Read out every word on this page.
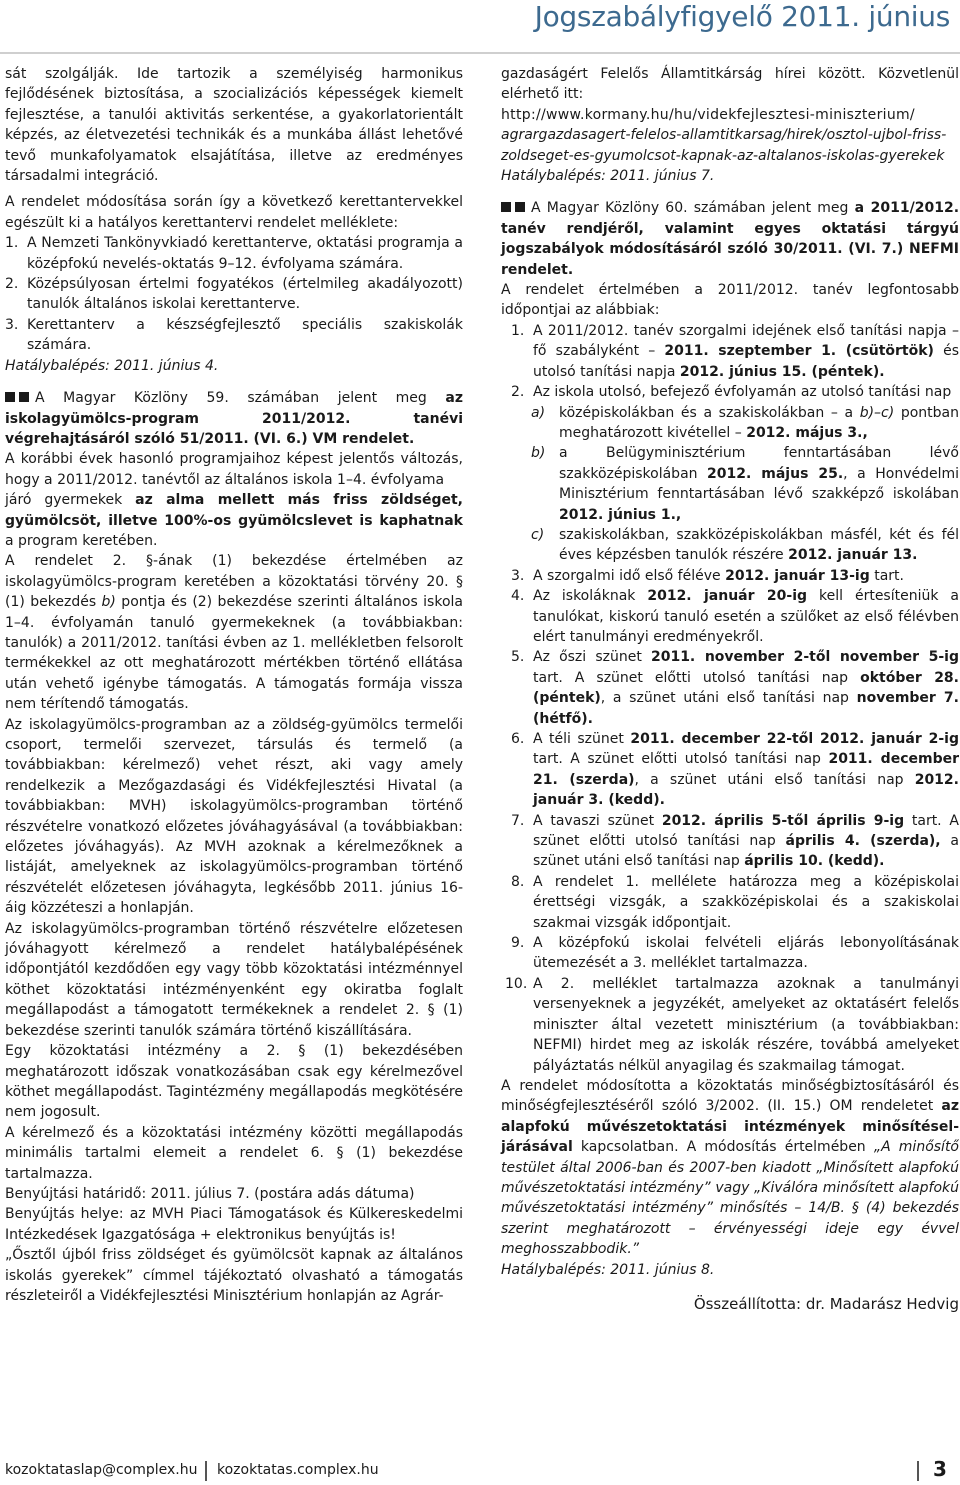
Jogszabályfigyelő 2011. június

sát szolgálják. Ide tartozik a személyiség harmonikus fejlődésének biztosítása, a szocializációs képességek kiemelt fejlesztése, a tanulói aktivitás serkentése, a gyakorlatorientált képzés, az életvezetési technikák és a munkába állást lehetővé tevő munkafolyamatok elsajátítása, illetve az eredményes társadalmi integráció.

A rendelet módosítása során így a következő kerettantervekkel egészült ki a hatályos kerettantervi rendelet melléklete:

1. A Nemzeti Tankönyvkiadó kerettanterve, oktatási programja a középfokú nevelés-oktatás 9–12. évfolyama számára.
2. Középsúlyosan értelmi fogyatékos (értelmileg akadályozott) tanulók általános iskolai kerettanterve.
3. Kerettanterv a készségfejlesztő speciális szakiskolák számára.

Hatálybalépés: 2011. június 4.

A Magyar Közlöny 59. számában jelent meg az iskolagyümölcs-program 2011/2012. tanévi végrehajtásáról szóló 51/2011. (VI. 6.) VM rendelet.

A korábbi évek hasonló programjaihoz képest jelentős változás, hogy a 2011/2012. tanévtől az általános iskola 1–4. évfolyama

járó gyermekek az alma mellett más friss zöldséget, gyümölcsöt, illetve 100%-os gyümölcslevet is kaphatnak a program keretében.

A rendelet 2. §-ának (1) bekezdése értelmében az iskolagyümölcs-program keretében a közoktatási törvény 20. § (1) bekezdés b) pontja és (2) bekezdése szerinti általános iskola 1–4. évfolyamán tanuló gyermekeknek (a továbbiakban: tanulók) a 2011/2012. tanítási évben az 1. mellékletben felsorolt termékekkel az ott meghatározott mértékben történő ellátása után vehető igénybe támogatás. A támogatás formája vissza nem térítendő támogatás.

Az iskolagyümölcs-programban az a zöldség-gyümölcs termelői csoport, termelői szervezet, társulás és termelő (a továbbiakban: kérelmező) vehet részt, aki vagy amely rendelkezik a Mezőgazdasági és Vidékfejlesztési Hivatal (a továbbiakban: MVH) iskolagyümölcs-programban történő részvételre vonatkozó előzetes jóváhagyásával (a továbbiakban: előzetes jóváhagyás). Az MVH azoknak a kérelmezőknek a listáját, amelyeknek az iskolagyümölcs-programban történő részvételét előzetesen jóváhagyta, legkésőbb 2011. június 16-áig közzéteszi a honlapján.

Az iskolagyümölcs-programban történő részvételre előzetesen jóváhagyott kérelmező a rendelet hatálybalépésének időpontjától kezdődően egy vagy több közoktatási intézménnyel köthet közoktatási intézményenként egy okiratba foglalt megállapodást a támogatott termékeknek a rendelet 2. § (1) bekezdése szerinti tanulók számára történő kiszállítására.

Egy közoktatási intézmény a 2. § (1) bekezdésében meghatározott időszak vonatkozásában csak egy kérelmezővel köthet megállapodást. Tagintézmény megállapodás megkötésére nem jogosult.

A kérelmező és a közoktatási intézmény közötti megállapodás minimális tartalmi elemeit a rendelet 6. § (1) bekezdése tartalmazza.

Benyújtási határidő: 2011. július 7. (postára adás dátuma)

Benyújtás helye: az MVH Piaci Támogatások és Külkereskedelmi Intézkedések Igazgatósága + elektronikus benyújtás is!

„Ősztől újból friss zöldséget és gyümölcsöt kapnak az általános iskolás gyerekek” címmel tájékoztató olvasható a támogatás részleteiről a Vidékfejlesztési Minisztérium honlapján az Agrár-

gazdaságért Felelős Államtitkárság hírei között. Közvetlenül elérhető itt:

http://www.kormany.hu/hu/videkfejlesztesi-miniszterium/

agrargazdasagert-felelos-allamtitkarsag/hirek/osztol-ujbol-friss-zoldseget-es-gyumolcsot-kapnak-az-altalanos-iskolas-gyerekek

Hatálybalépés: 2011. június 7.

A Magyar Közlöny 60. számában jelent meg a 2011/2012. tanév rendjéről, valamint egyes oktatási tárgyú jogszabályok módosításáról szóló 30/2011. (VI. 7.) NEFMI rendelet.

A rendelet értelmében a 2011/2012. tanév legfontosabb időpontjai az alábbiak:

1. A 2011/2012. tanév szorgalmi idejének első tanítási napja – fő szabályként – 2011. szeptember 1. (csütörtök) és utolsó tanítási napja 2012. június 15. (péntek).
2. Az iskola utolsó, befejező évfolyamán az utolsó tanítási nap
a) középiskolákban és a szakiskolákban – a b)–c) pontban meghatározott kivétellel – 2012. május 3.,
b) a Belügyminisztérium fenntartásában lévő szakközépiskolában 2012. május 25., a Honvédelmi Minisztérium fenntartásában lévő szakképző iskolában 2012. június 1.,
c)	szakiskolákban, szakközépiskolákban másfél, két és fél éves képzésben tanulók részére 2012. január 13.
3. A szorgalmi idő első féléve 2012. január 13-ig tart.
4. Az iskoláknak 2012. január 20-ig kell értesíteniük a tanulókat, kiskorú tanuló esetén a szülőket az első félévben elért tanulmányi eredményekről.
5. Az őszi szünet 2011. november 2-től november 5-ig tart. A szünet előtti utolsó tanítási nap október 28. (péntek), a szünet utáni első tanítási nap november 7. (hétfő).
6. A téli szünet 2011. december 22-től 2012. január 2-ig tart. A szünet előtti utolsó tanítási nap 2011. december 21. (szerda), a szünet utáni első tanítási nap 2012. január 3. (kedd).
7. A tavaszi szünet 2012. április 5-től április 9-ig tart. A szünet előtti utolsó tanítási nap április 4. (szerda), a szünet utáni első tanítási nap április 10. (kedd).
8. A rendelet 1. mellélete határozza meg a középiskolai érettségi vizsgák, a szakközépiskolai és a szakiskolai szakmai vizsgák időpontjait.
9. A középfokú iskolai felvételi eljárás lebonyolításának ütemezését a 3. melléklet tartalmazza.
10. A 2. melléklet tartalmazza azoknak a tanulmányi versenyeknek a jegyzékét, amelyeket az oktatásért felelős miniszter által vezetett minisztérium (a továbbiakban: NEFMI) hirdet meg az iskolák részére, továbbá amelyeket pályáztatás nélkül anyagilag és szakmailag támogat.

A rendelet módosította a közoktatás minőségbiztosításáról és minőségfejlesztéséről szóló 3/2002. (II. 15.) OM rendeletet az alapfokú művészetoktatási intézmények minősítéseljárásával kapcsolatban. A módosítás értelmében „A minősítő testület által 2006-ban és 2007-ben kiadott „Minősített alapfokú művészetoktatási intézmény” vagy „Kiválóra minősített alapfokú művészetoktatási intézmény” minősítés – 14/B. § (4) bekezdés szerint meghatározott – érvényességi ideje egy évvel meghosszabbodik.”

Hatálybalépés: 2011. június 8.

Összeállította: dr. Madarász Hedvig

kozoktataslap@complex.hu kozoktatas.complex.hu	3
